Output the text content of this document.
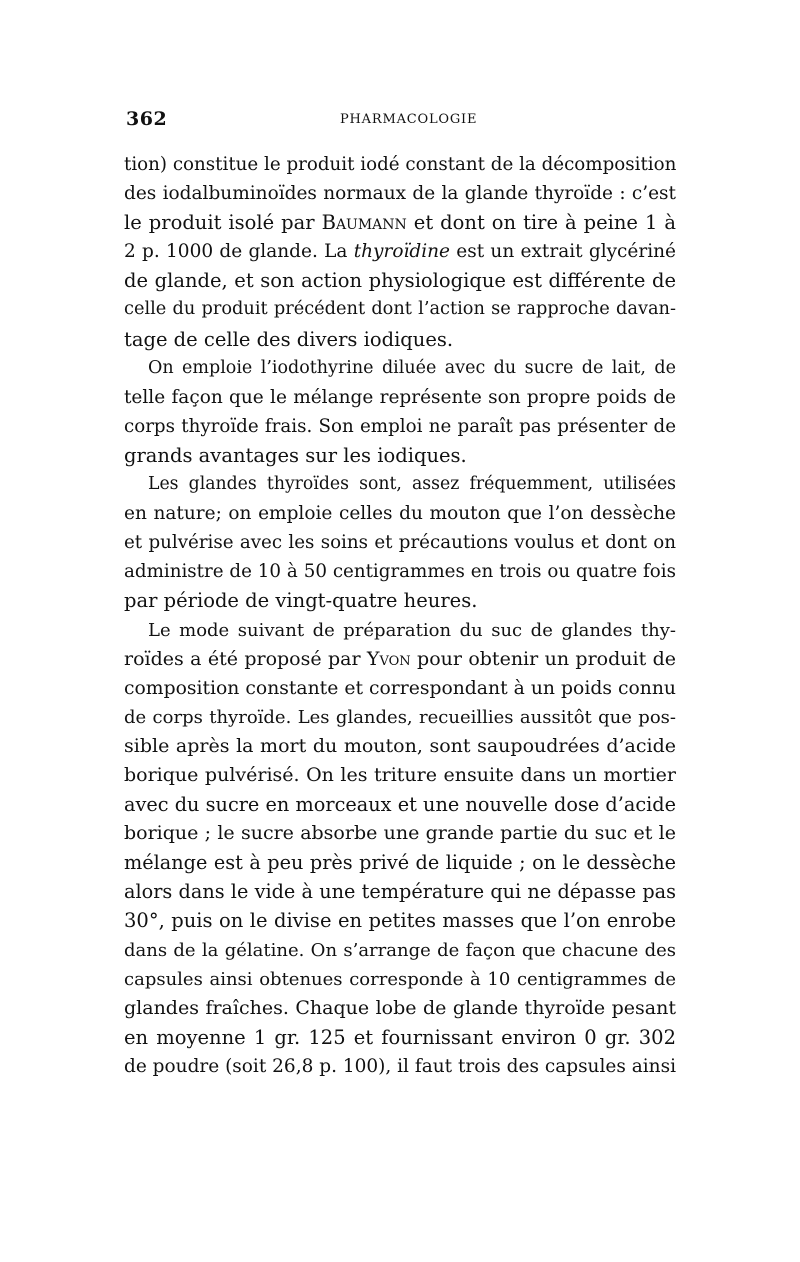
362	PHARMACOLOGIE
tion) constitue le produit iodé constant de la décomposition
des iodalbuminoïdes normaux de la glande thyroïde : c’est
le produit isolé par Baumann et dont on tire à peine 1 à
2 p. 1000 de glande. La thyroïdine est un extrait glycériné
de glande, et son action physiologique est différente de
celle du produit précédent dont l’action se rapproche davan-
tage de celle des divers iodiques.
On emploie l’iodothyrine diluée avec du sucre de lait, de
telle façon que le mélange représente son propre poids de
corps thyroïde frais. Son emploi ne paraît pas présenter de
grands avantages sur les iodiques.
Les glandes thyroïdes sont, assez fréquemment, utilisées
en nature; on emploie celles du mouton que l’on dessèche
et pulvérise avec les soins et précautions voulus et dont on
administre de 10 à 50 centigrammes en trois ou quatre fois
par période de vingt-quatre heures.
Le mode suivant de préparation du suc de glandes thy-
roïdes a été proposé par Yvon pour obtenir un produit de
composition constante et correspondant à un poids connu
de corps thyroïde. Les glandes, recueillies aussitôt que pos-
sible après la mort du mouton, sont saupoudrées d’acide
borique pulvérisé. On les triture ensuite dans un mortier
avec du sucre en morceaux et une nouvelle dose d’acide
borique ; le sucre absorbe une grande partie du suc et le
mélange est à peu près privé de liquide ; on le dessèche
alors dans le vide à une température qui ne dépasse pas
30°, puis on le divise en petites masses que l’on enrobe
dans de la gélatine. On s’arrange de façon que chacune des
capsules ainsi obtenues corresponde à 10 centigrammes de
glandes fraîches. Chaque lobe de glande thyroïde pesant
en moyenne 1 gr. 125 et fournissant environ 0 gr. 302
de poudre (soit 26,8 p. 100), il faut trois des capsules ainsi
